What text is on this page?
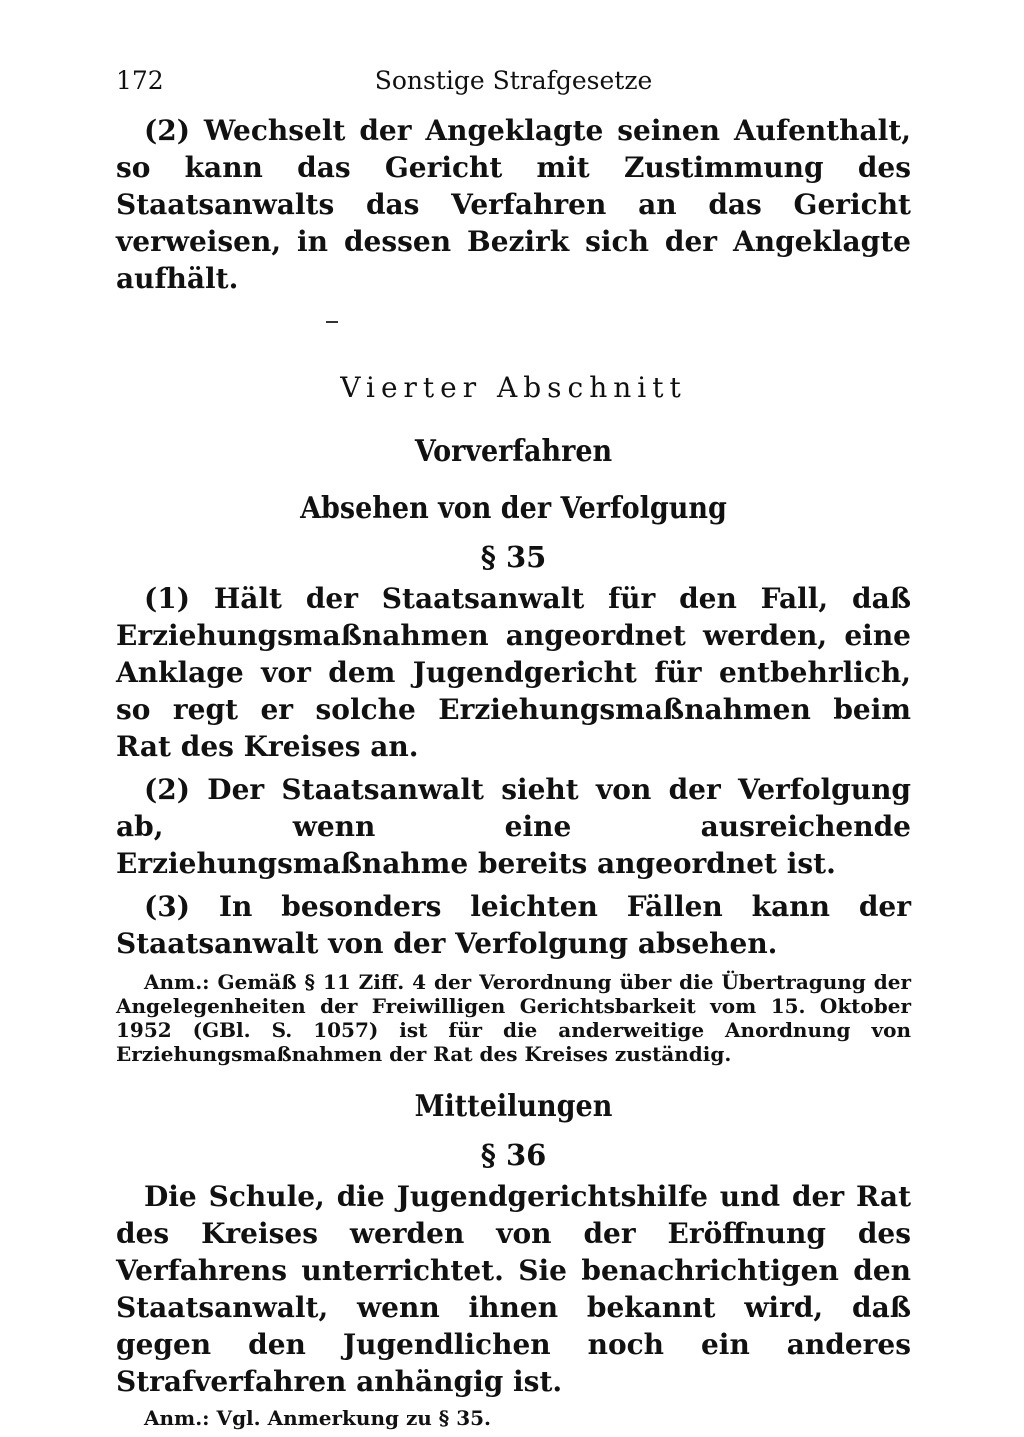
172	Sonstige Strafgesetze

(2) Wechselt der Angeklagte seinen Aufenthalt, so kann das Gericht mit Zustimmung des Staatsanwalts das Verfahren an das Gericht verweisen, in dessen Bezirk sich der Angeklagte aufhält.

Vierter Abschnitt
Vorverfahren
Absehen von der Verfolgung
§ 35

(1) Hält der Staatsanwalt für den Fall, daß Erziehungsmaßnahmen angeordnet werden, eine Anklage vor dem Jugendgericht für entbehrlich, so regt er solche Erziehungsmaßnahmen beim Rat des Kreises an.

(2) Der Staatsanwalt sieht von der Verfolgung ab, wenn eine ausreichende Erziehungsmaßnahme bereits angeordnet ist.

(3) In besonders leichten Fällen kann der Staatsanwalt von der Verfolgung absehen.

Anm.: Gemäß § 11 Ziff. 4 der Verordnung über die Übertragung der Angelegenheiten der Freiwilligen Gerichtsbarkeit vom 15. Oktober 1952 (GBl. S. 1057) ist für die anderweitige Anordnung von Erziehungsmaßnahmen der Rat des Kreises zuständig.

Mitteilungen
§ 36

Die Schule, die Jugendgerichtshilfe und der Rat des Kreises werden von der Eröffnung des Verfahrens unterrichtet. Sie benachrichtigen den Staatsanwalt, wenn ihnen bekannt wird, daß gegen den Jugendlichen noch ein anderes Strafverfahren anhängig ist.

Anm.: Vgl. Anmerkung zu § 35.
